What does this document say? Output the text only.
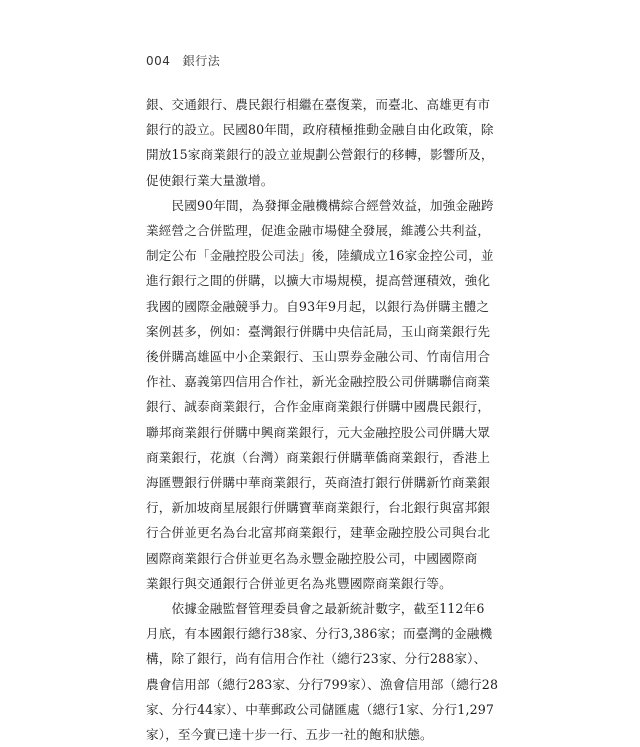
004 銀行法

銀、交通銀行、農民銀行相繼在臺復業，而臺北、高雄更有市

銀行的設立。民國80年間，政府積極推動金融自由化政策，除

開放15家商業銀行的設立並規劃公營銀行的移轉，影響所及，

促使銀行業大量激增。

　　民國90年間，為發揮金融機構綜合經營效益，加強金融跨

業經營之合併監理，促進金融市場健全發展，維護公共利益，

制定公布「金融控股公司法」後，陸續成立16家金控公司，並

進行銀行之間的併購，以擴大市場規模，提高營運積效，強化

我國的國際金融競爭力。自93年9月起，以銀行為併購主體之

案例甚多，例如：臺灣銀行併購中央信託局，玉山商業銀行先

後併購高雄區中小企業銀行、玉山票券金融公司、竹南信用合

作社、嘉義第四信用合作社，新光金融控股公司併購聯信商業

銀行、誠泰商業銀行，合作金庫商業銀行併購中國農民銀行，

聯邦商業銀行併購中興商業銀行，元大金融控股公司併購大眾

商業銀行，花旗（台灣）商業銀行併購華僑商業銀行，香港上

海匯豐銀行併購中華商業銀行，英商渣打銀行併購新竹商業銀

行，新加坡商星展銀行併購寶華商業銀行，台北銀行與富邦銀

行合併並更名為台北富邦商業銀行，建華金融控股公司與台北

國際商業銀行合併並更名為永豐金融控股公司，中國國際商

業銀行與交通銀行合併並更名為兆豐國際商業銀行等。

　　依據金融監督管理委員會之最新統計數字，截至112年6

月底，有本國銀行總行38家、分行3,386家；而臺灣的金融機

構，除了銀行，尚有信用合作社（總行23家、分行288家）、

農會信用部（總行283家、分行799家）、漁會信用部（總行28

家、分行44家）、中華郵政公司儲匯處（總行1家、分行1,297

家），至今實已達十步一行、五步一社的飽和狀態。
